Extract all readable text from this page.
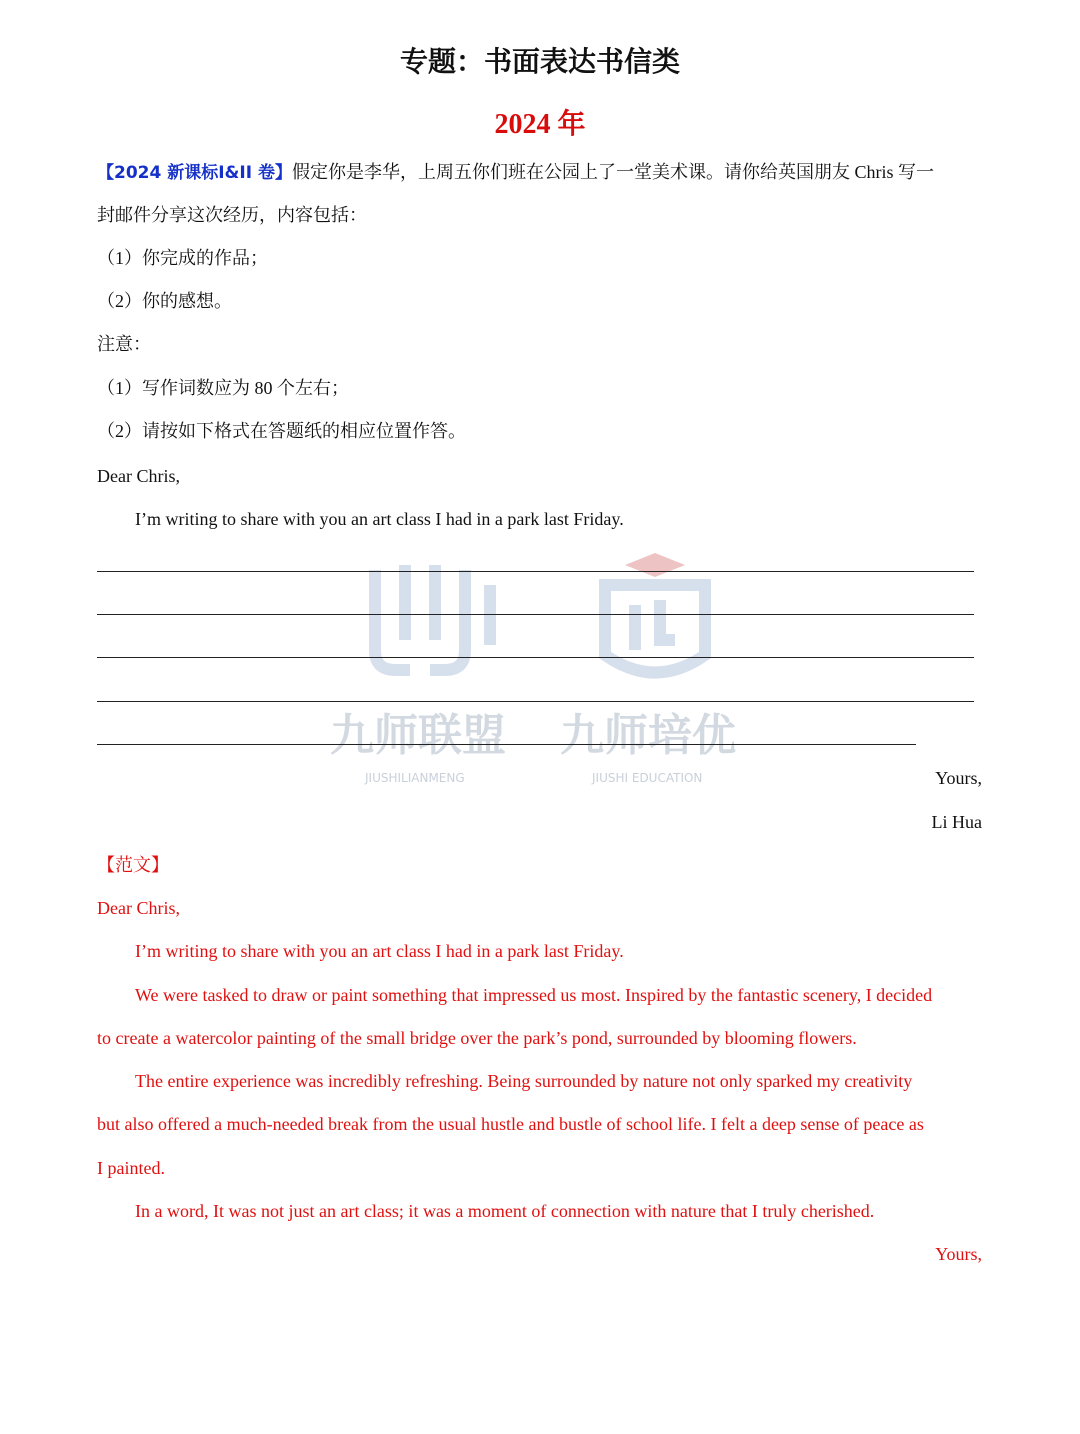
专题：书面表达书信类
2024 年
【2024 新课标I&II 卷】假定你是李华，上周五你们班在公园上了一堂美术课。请你给英国朋友 Chris 写一
封邮件分享这次经历，内容包括：
（1）你完成的作品；
（2）你的感想。
注意：
（1）写作词数应为 80 个左右；
（2）请按如下格式在答题纸的相应位置作答。
Dear Chris,
I’m writing to share with you an art class I had in a park last Friday.
九师联盟 九师培优
JIUSHILIANMENG	JIUSHI EDUCATION	Yours,
Li Hua
【范文】
Dear Chris,
I’m writing to share with you an art class I had in a park last Friday.
We were tasked to draw or paint something that impressed us most. Inspired by the fantastic scenery, I decided
to create a watercolor painting of the small bridge over the park’s pond, surrounded by blooming flowers.
The entire experience was incredibly refreshing. Being surrounded by nature not only sparked my creativity
but also offered a much-needed break from the usual hustle and bustle of school life. I felt a deep sense of peace as
I painted.
In a word, It was not just an art class; it was a moment of connection with nature that I truly cherished.
Yours,
